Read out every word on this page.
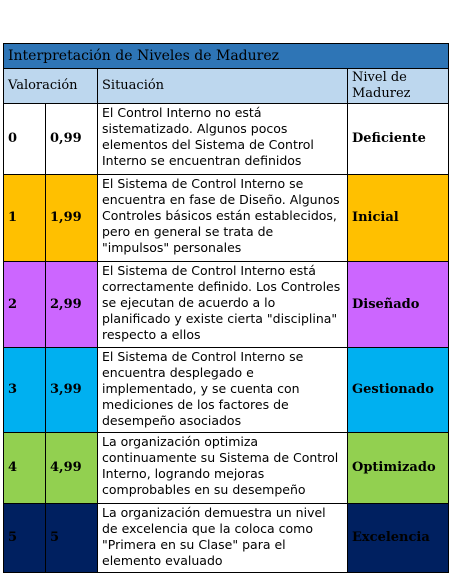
Interpretación de Niveles de Madurez			
Valoración		Situación	Nivel de Madurez
0	0,99	El Control Interno no está sistematizado. Algunos pocos elementos del Sistema de Control Interno se encuentran definidos	Deficiente
1	1,99	El Sistema de Control Interno se encuentra en fase de Diseño. Algunos Controles básicos están establecidos, pero en general se trata de "impulsos" personales	Inicial
2	2,99	El Sistema de Control Interno está correctamente definido. Los Controles se ejecutan de acuerdo a lo planificado y existe cierta "disciplina" respecto a ellos	Diseñado
3	3,99	El Sistema de Control Interno se encuentra desplegado e implementado, y se cuenta con mediciones de los factores de desempeño asociados	Gestionado
4	4,99	La organización optimiza continuamente su Sistema de Control Interno, logrando mejoras comprobables en su desempeño	Optimizado
5	5	La organización demuestra un nivel de excelencia que la coloca como "Primera en su Clase" para el elemento evaluado	Excelencia
